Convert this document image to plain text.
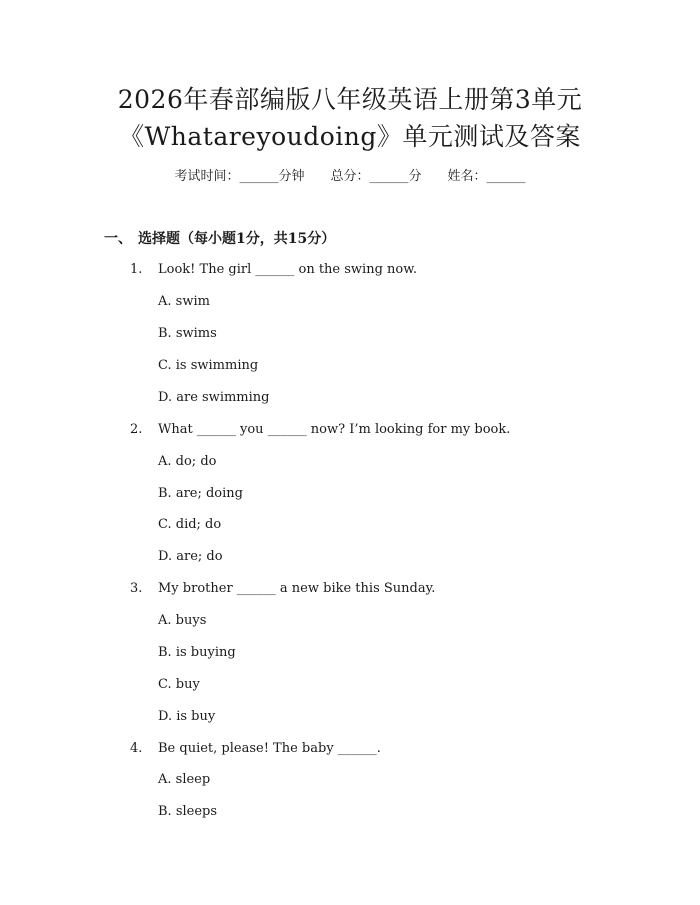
2026年春部编版八年级英语上册第3单元
《Whatareyoudoing》单元测试及答案
考试时间：______分钟 总分：______分 姓名：______
一、 选择题（每小题1分，共15分）
1. Look! The girl ______ on the swing now.
A. swim
B. swims
C. is swimming
D. are swimming
2. What ______ you ______ now? I’m looking for my book.
A. do; do
B. are; doing
C. did; do
D. are; do
3. My brother ______ a new bike this Sunday.
A. buys
B. is buying
C. buy
D. is buy
4. Be quiet, please! The baby ______.
A. sleep
B. sleeps
